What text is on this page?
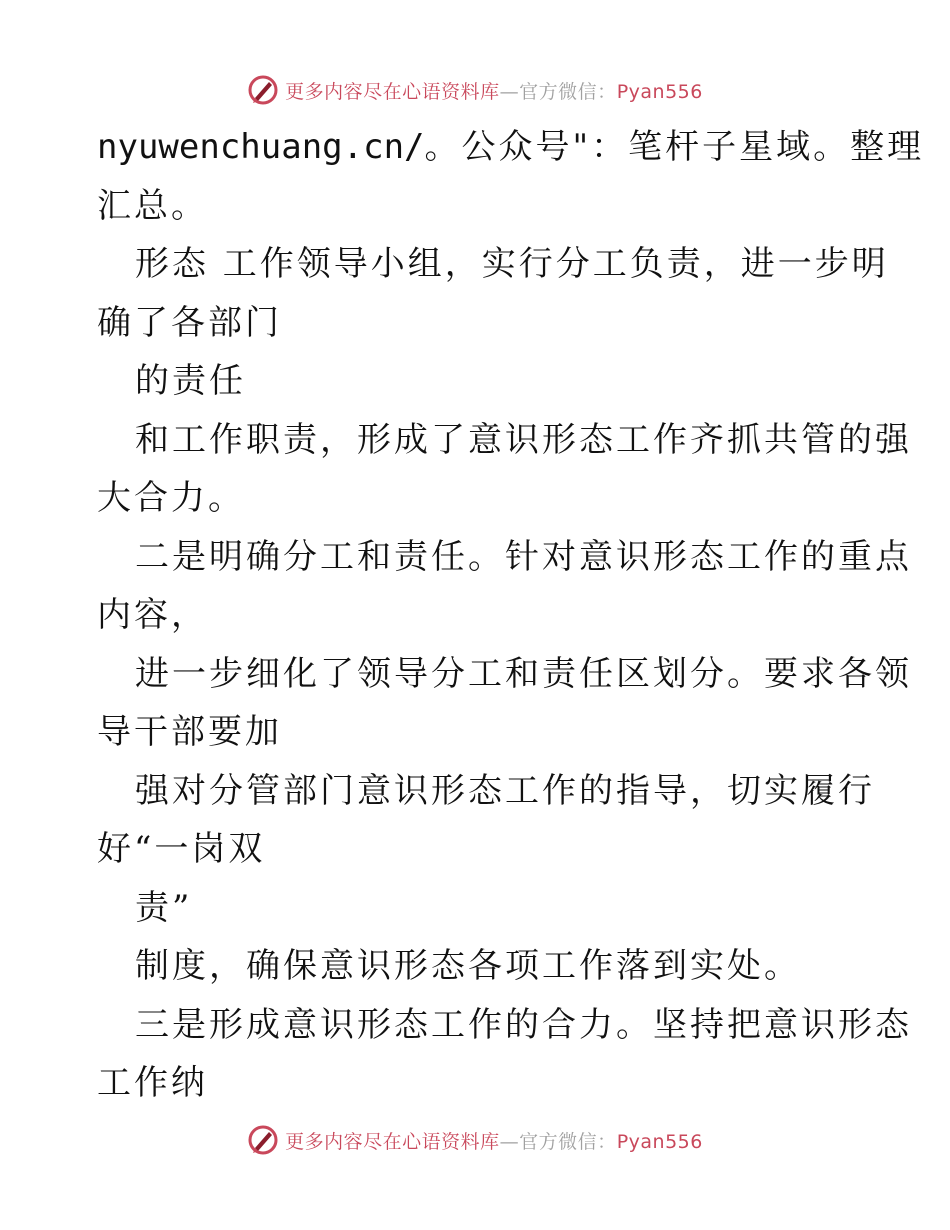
更多内容尽在心语资料库—官方微信：Pyan556
nyuwenchuang.cn/。公众号"：笔杆子星域。整理
汇总。
形态 工作领导小组，实行分工负责，进一步明
确了各部门
的责任
和工作职责，形成了意识形态工作齐抓共管的强
大合力。
二是明确分工和责任。针对意识形态工作的重点
内容，
进一步细化了领导分工和责任区划分。要求各领
导干部要加
强对分管部门意识形态工作的指导，切实履行
好“一岗双
责”
制度，确保意识形态各项工作落到实处。
三是形成意识形态工作的合力。坚持把意识形态
工作纳
更多内容尽在心语资料库—官方微信：Pyan556
